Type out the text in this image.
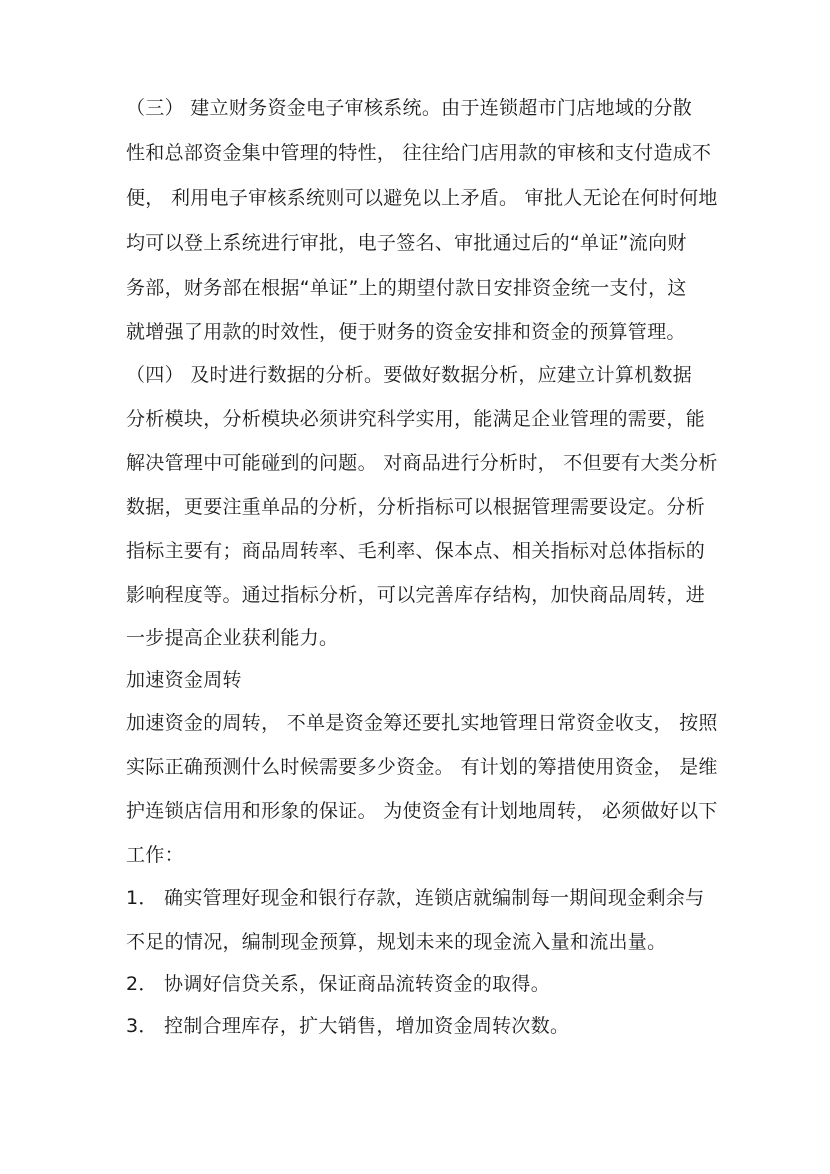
（三） 建立财务资金电子审核系统。由于连锁超市门店地域的分散
性和总部资金集中管理的特性， 往往给门店用款的审核和支付造成不
便， 利用电子审核系统则可以避免以上矛盾。 审批人无论在何时何地
均可以登上系统进行审批，电子签名、审批通过后的“单证”流向财
务部，财务部在根据“单证”上的期望付款日安排资金统一支付，这
就增强了用款的时效性，便于财务的资金安排和资金的预算管理。
（四） 及时进行数据的分析。要做好数据分析，应建立计算机数据
分析模块，分析模块必须讲究科学实用，能满足企业管理的需要，能
解决管理中可能碰到的问题。 对商品进行分析时， 不但要有大类分析
数据，更要注重单品的分析，分析指标可以根据管理需要设定。分析
指标主要有；商品周转率、毛利率、保本点、相关指标对总体指标的
影响程度等。通过指标分析，可以完善库存结构，加快商品周转，进
一步提高企业获利能力。
加速资金周转
加速资金的周转， 不单是资金筹还要扎实地管理日常资金收支， 按照
实际正确预测什么时候需要多少资金。 有计划的筹措使用资金， 是维
护连锁店信用和形象的保证。 为使资金有计划地周转， 必须做好以下
工作：
1． 确实管理好现金和银行存款，连锁店就编制每一期间现金剩余与
不足的情况，编制现金预算，规划未来的现金流入量和流出量。
2． 协调好信贷关系，保证商品流转资金的取得。
3． 控制合理库存，扩大销售，增加资金周转次数。
